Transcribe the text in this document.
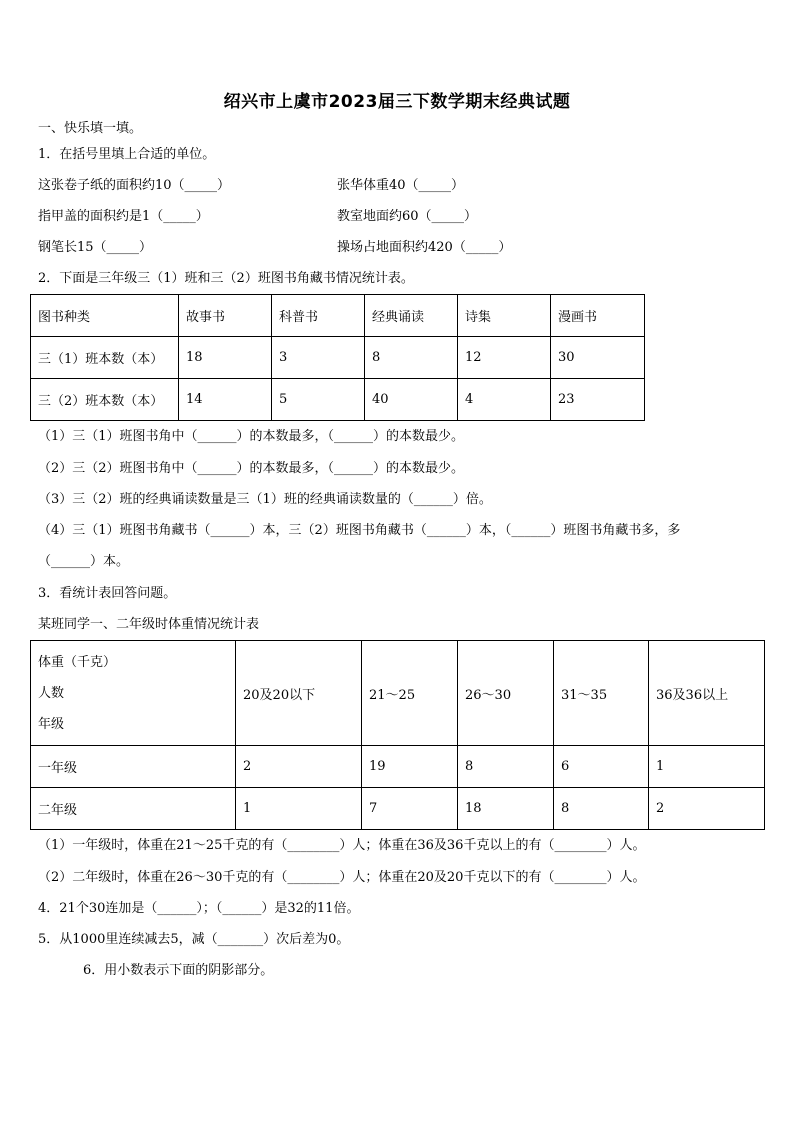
绍兴市上虞市2023届三下数学期末经典试题
一、快乐填一填。
1．在括号里填上合适的单位。
这张卷子纸的面积约10（_____）	张华体重40（_____）
指甲盖的面积约是1（_____）	教室地面约60（_____）
钢笔长15（_____）	操场占地面积约420（_____）
2．下面是三年级三（1）班和三（2）班图书角藏书情况统计表。
图书种类	故事书	科普书	经典诵读	诗集	漫画书
三（1）班本数（本）	18	3	8	12	30
三（2）班本数（本）	14	5	40	4	23
（1）三（1）班图书角中（______）的本数最多，（______）的本数最少。
（2）三（2）班图书角中（______）的本数最多，（______）的本数最少。
（3）三（2）班的经典诵读数量是三（1）班的经典诵读数量的（______）倍。
（4）三（1）班图书角藏书（______）本，三（2）班图书角藏书（______）本，（______）班图书角藏书多，多
（______）本。
3．看统计表回答问题。
某班同学一、二年级时体重情况统计表
体重（千克）
人数
年级	20及20以下	21～25	26～30	31～35	36及36以上
一年级	2	19	8	6	1
二年级	1	7	18	8	2
（1）一年级时，体重在21～25千克的有（________）人；体重在36及36千克以上的有（________）人。
（2）二年级时，体重在26～30千克的有（________）人；体重在20及20千克以下的有（________）人。
4．21个30连加是（______）；（______）是32的11倍。
5．从1000里连续减去5，减（_______）次后差为0。
6．用小数表示下面的阴影部分。
